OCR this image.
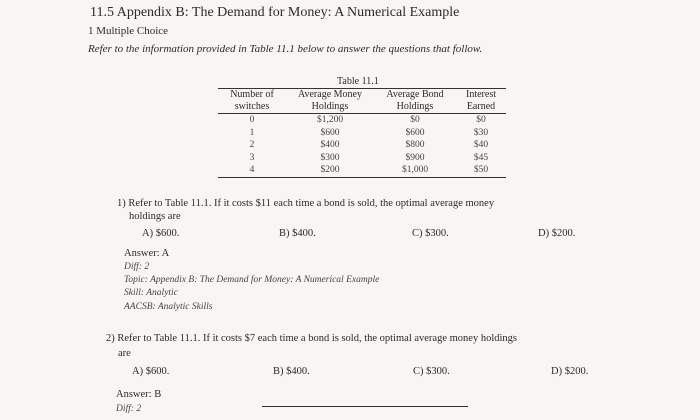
11.5 Appendix B: The Demand for Money: A Numerical Example
1 Multiple Choice
Refer to the information provided in Table 11.1 below to answer the questions that follow.
Table 11.1
Number of	Average Money	Average Bond	Interest
switches	Holdings	Holdings	Earned
0	$1,200	$0	$0
1	$600	$600	$30
2	$400	$800	$40
3	$300	$900	$45
4	$200	$1,000	$50
1) Refer to Table 11.1. If it costs $11 each time a bond is sold, the optimal average money
holdings are
A) $600.	B) $400.	C) $300.	D) $200.
Answer: A
Diff: 2
Topic: Appendix B: The Demand for Money: A Numerical Example
Skill: Analytic
AACSB: Analytic Skills
2) Refer to Table 11.1. If it costs $7 each time a bond is sold, the optimal average money holdings
are
A) $600.	B) $400.	C) $300.	D) $200.
Answer: B
Diff: 2
